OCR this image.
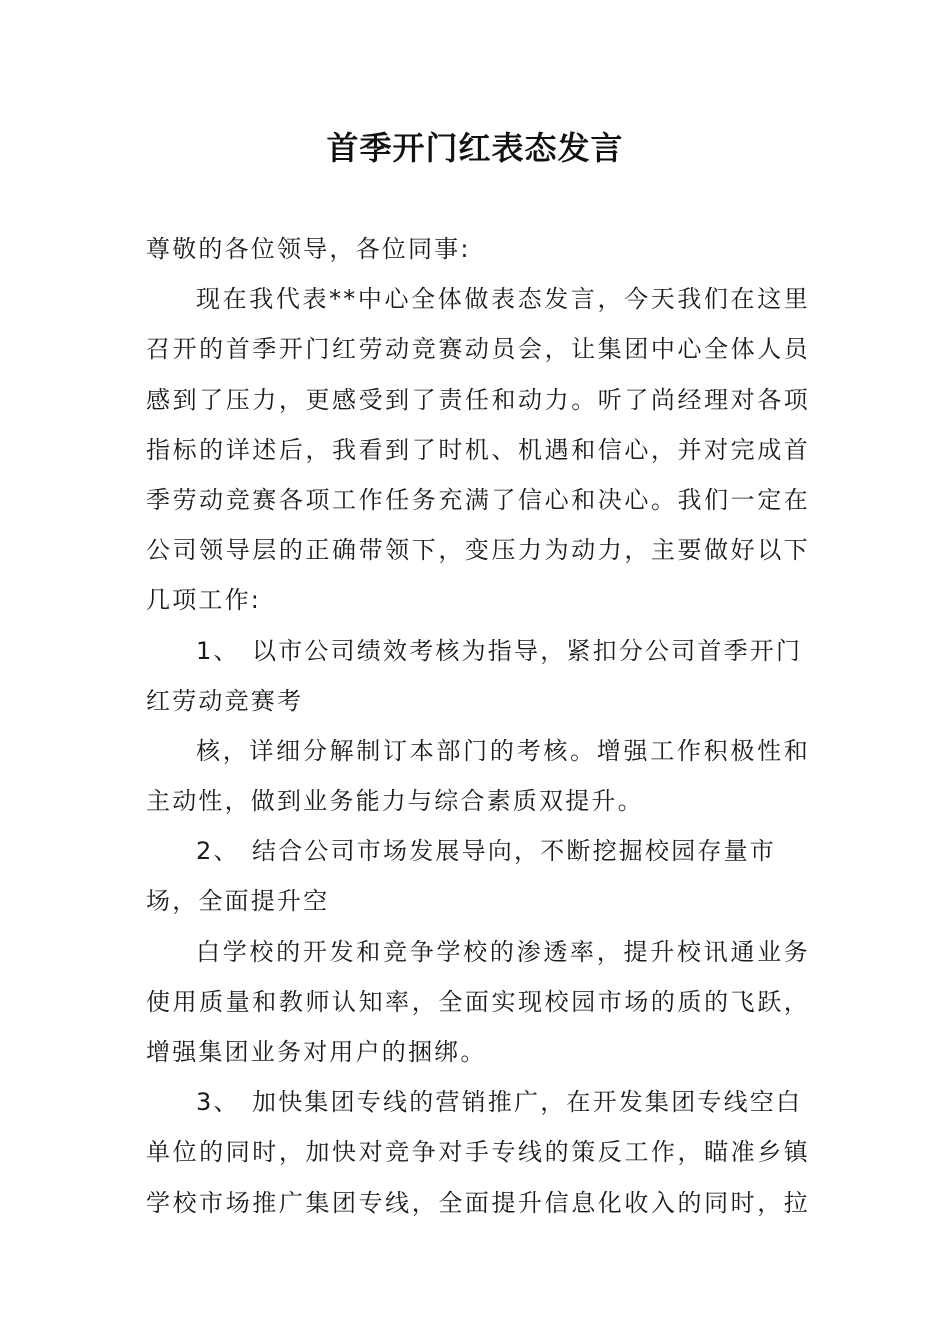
首季开门红表态发言
尊敬的各位领导，各位同事:
现在我代表**中心全体做表态发言，今天我们在这里
召开的首季开门红劳动竞赛动员会，让集团中心全体人员
感到了压力，更感受到了责任和动力。听了尚经理对各项
指标的详述后，我看到了时机、机遇和信心，并对完成首
季劳动竞赛各项工作任务充满了信心和决心。我们一定在
公司领导层的正确带领下，变压力为动力，主要做好以下
几项工作:
1、 以市公司绩效考核为指导，紧扣分公司首季开门
红劳动竞赛考
核，详细分解制订本部门的考核。增强工作积极性和
主动性，做到业务能力与综合素质双提升。
2、 结合公司市场发展导向，不断挖掘校园存量市
场，全面提升空
白学校的开发和竞争学校的渗透率，提升校讯通业务
使用质量和教师认知率，全面实现校园市场的质的飞跃，
增强集团业务对用户的捆绑。
3、 加快集团专线的营销推广，在开发集团专线空白
单位的同时，加快对竞争对手专线的策反工作，瞄准乡镇
学校市场推广集团专线，全面提升信息化收入的同时，拉
